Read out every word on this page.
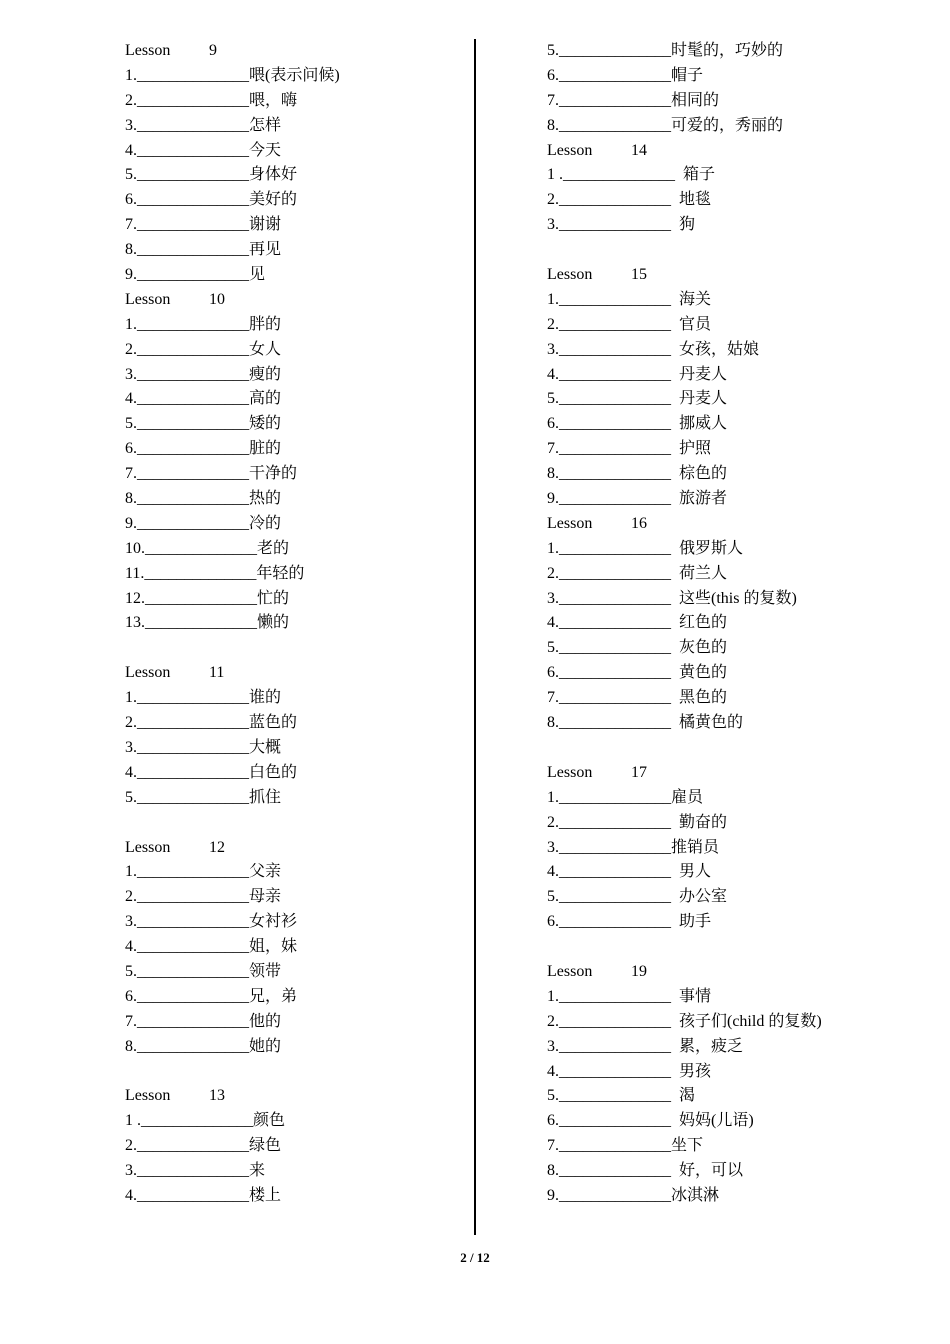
Lesson	9
1.______________喂(表示问候)
2.______________喂，嗨
3.______________怎样
4.______________今天
5.______________身体好
6.______________美好的
7.______________谢谢
8.______________再见
9.______________见
Lesson	10
1.______________胖的
2.______________女人
3.______________瘦的
4.______________高的
5.______________矮的
6.______________脏的
7.______________干净的
8.______________热的
9.______________冷的
10.______________老的
11.______________年轻的
12.______________忙的
13.______________懒的
Lesson	11
1.______________谁的
2.______________蓝色的
3.______________大概
4.______________白色的
5.______________抓住
Lesson	12
1.______________父亲
2.______________母亲
3.______________女衬衫
4.______________姐，妹
5.______________领带
6.______________兄，弟
7.______________他的
8.______________她的
Lesson	13
1 .______________颜色
2.______________绿色
3.______________来
4.______________楼上
5.______________时髦的，巧妙的
6.______________帽子
7.______________相同的
8.______________可爱的，秀丽的
Lesson	14
1 .______________ 箱子
2.______________ 地毯
3.______________ 狗
Lesson	15
1.______________ 海关
2.______________ 官员
3.______________ 女孩，姑娘
4.______________ 丹麦人
5.______________ 丹麦人
6.______________ 挪威人
7.______________ 护照
8.______________ 棕色的
9.______________ 旅游者
Lesson	16
1.______________ 俄罗斯人
2.______________ 荷兰人
3.______________ 这些(this 的复数)
4.______________ 红色的
5.______________ 灰色的
6.______________ 黄色的
7.______________ 黑色的
8.______________ 橘黄色的
Lesson	17
1.______________雇员
2.______________ 勤奋的
3.______________推销员
4.______________ 男人
5.______________ 办公室
6.______________ 助手
Lesson	19
1.______________ 事情
2.______________ 孩子们(child 的复数)
3.______________ 累，疲乏
4.______________ 男孩
5.______________ 渴
6.______________ 妈妈(儿语)
7.______________坐下
8.______________ 好，可以
9.______________冰淇淋
2 / 12
